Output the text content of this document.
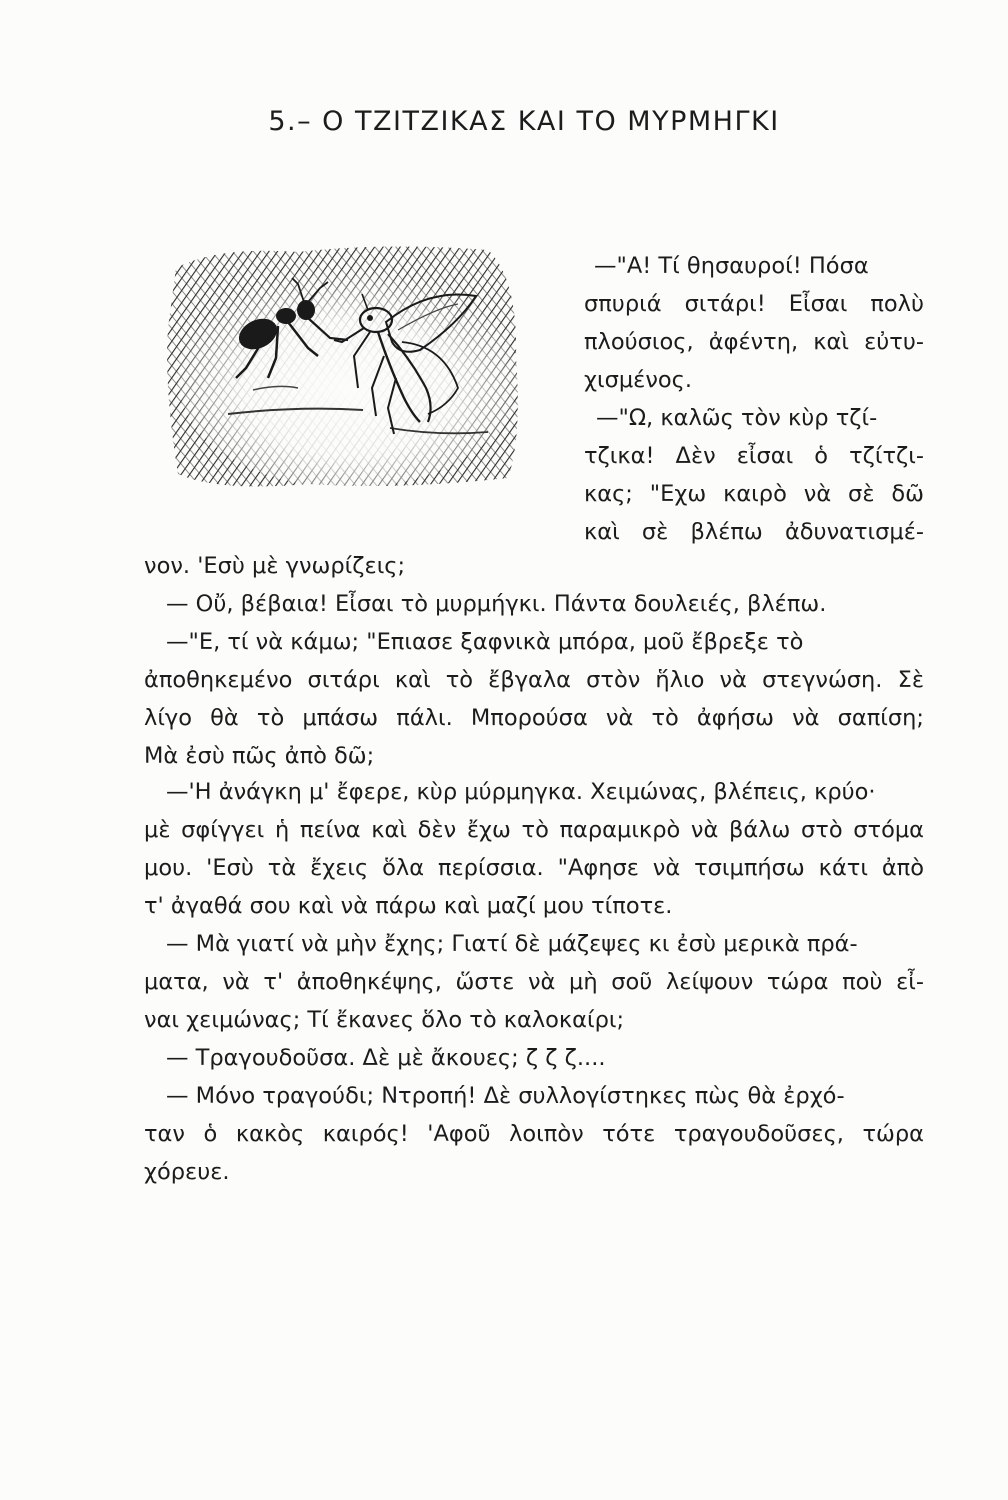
5.– Ο ΤΖΙΤΖΙΚΑΣ ΚΑΙ ΤΟ ΜΥΡΜΗΓΚΙ
—"Α! Τί θησαυροί! Πόσα
σπυριά σιτάρι! Εἶσαι πολὺ
πλούσιος, ἀφέντη, καὶ εὐτυ-
χισμένος.
—"Ω, καλῶς τὸν κὺρ τζί-
τζικα! Δὲν εἶσαι ὁ τζίτζι-
κας; "Εχω καιρὸ νὰ σὲ δῶ
καὶ σὲ βλέπω ἀδυνατισμέ-
νον. 'Εσὺ μὲ γνωρίζεις;
— Οὔ, βέβαια! Εἶσαι τὸ μυρμήγκι. Πάντα δουλειές, βλέπω.
—"Ε, τί νὰ κάμω; "Επιασε ξαφνικὰ μπόρα, μοῦ ἔβρεξε τὸ
ἀποθηκεμένο σιτάρι καὶ τὸ ἔβγαλα στὸν ἥλιο νὰ στεγνώση. Σὲ
λίγο θὰ τὸ μπάσω πάλι. Μπορούσα νὰ τὸ ἀφήσω νὰ σαπίση;
Μὰ ἐσὺ πῶς ἀπὸ δῶ;
—'Η ἀνάγκη μ' ἔφερε, κὺρ μύρμηγκα. Χειμώνας, βλέπεις, κρύο·
μὲ σφίγγει ἡ πείνα καὶ δὲν ἔχω τὸ παραμικρὸ νὰ βάλω στὸ στόμα
μου. 'Εσὺ τὰ ἔχεις ὅλα περίσσια. "Αφησε νὰ τσιμπήσω κάτι ἀπὸ
τ' ἀγαθά σου καὶ νὰ πάρω καὶ μαζί μου τίποτε.
— Μὰ γιατί νὰ μὴν ἔχης; Γιατί δὲ μάζεψες κι ἐσὺ μερικὰ πρά-
ματα, νὰ τ' ἀποθηκέψης, ὥστε νὰ μὴ σοῦ λείψουν τώρα ποὺ εἶ-
ναι χειμώνας; Τί ἔκανες ὅλο τὸ καλοκαίρι;
— Τραγουδοῦσα. Δὲ μὲ ἄκουες; ζ ζ ζ....
— Μόνο τραγούδι; Ντροπή! Δὲ συλλογίστηκες πὼς θὰ ἐρχό-
ταν ὁ κακὸς καιρός! 'Αφοῦ λοιπὸν τότε τραγουδοῦσες, τώρα
χόρευε.
